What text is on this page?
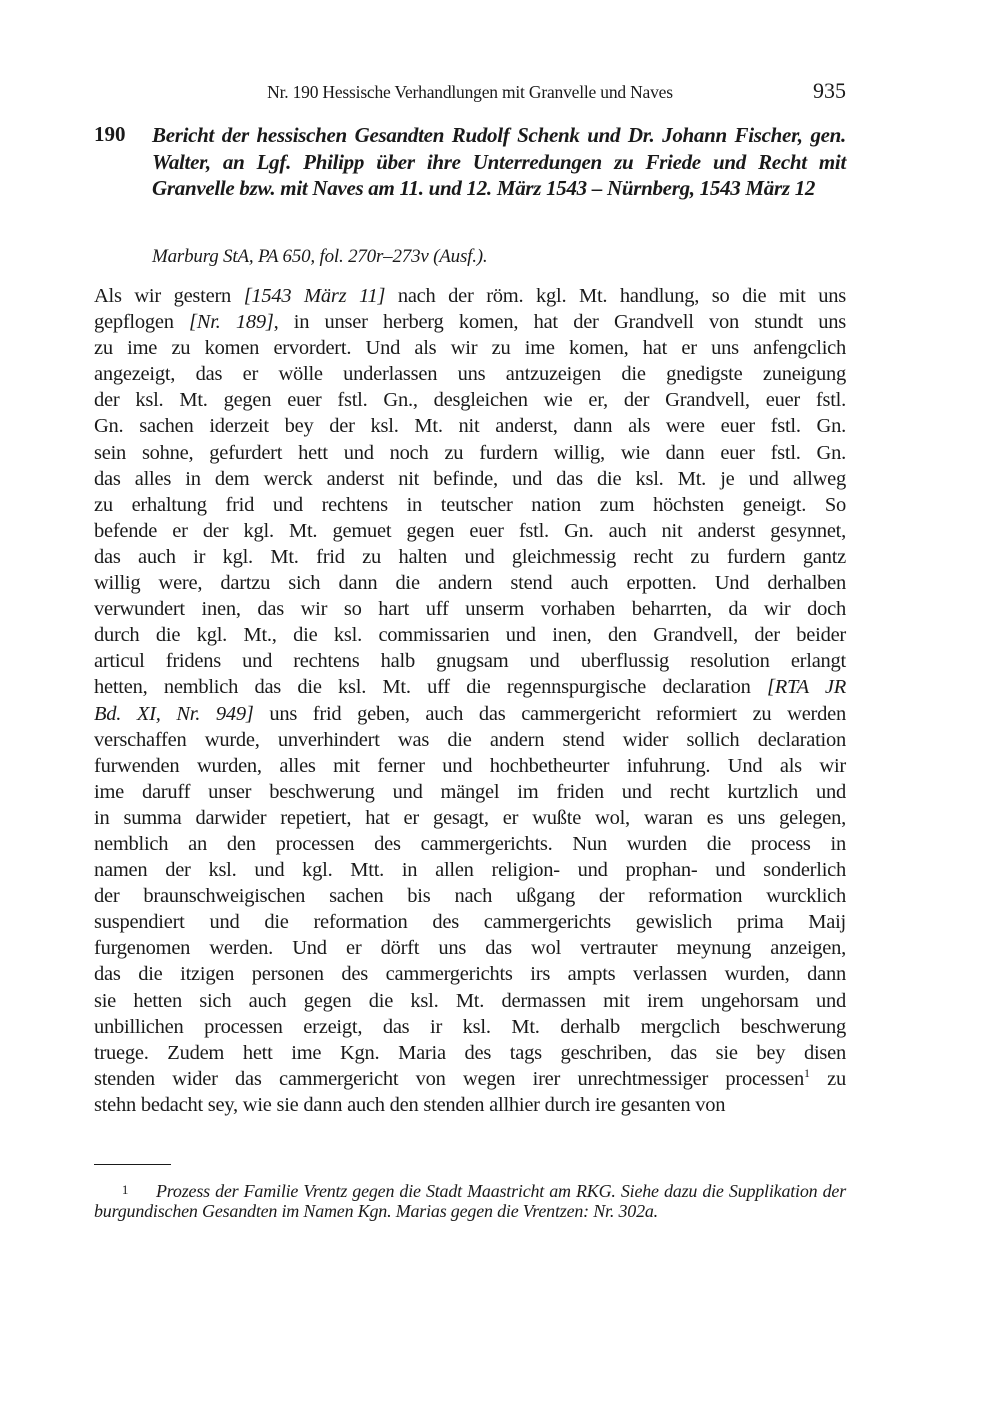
Nr. 190 Hessische Verhandlungen mit Granvelle und Naves	935
190 Bericht der hessischen Gesandten Rudolf Schenk und Dr. Johann Fischer, gen. Walter, an Lgf. Philipp über ihre Unterredungen zu Friede und Recht mit Granvelle bzw. mit Naves am 11. und 12. März 1543 – Nürnberg, 1543 März 12
Marburg StA, PA 650, fol. 270r–273v (Ausf.).
Als wir gestern [1543 März 11] nach der röm. kgl. Mt. handlung, so die mit uns
gepflogen [Nr. 189], in unser herberg komen, hat der Grandvell von stundt uns
zu ime zu komen ervordert. Und als wir zu ime komen, hat er uns anfengclich
angezeigt, das er wölle underlassen uns antzuzeigen die gnedigste zuneigung
der ksl. Mt. gegen euer fstl. Gn., desgleichen wie er, der Grandvell, euer fstl.
Gn. sachen iderzeit bey der ksl. Mt. nit anderst, dann als were euer fstl. Gn.
sein sohne, gefurdert hett und noch zu furdern willig, wie dann euer fstl. Gn.
das alles in dem werck anderst nit befinde, und das die ksl. Mt. je und allweg
zu erhaltung frid und rechtens in teutscher nation zum höchsten geneigt. So
befende er der kgl. Mt. gemuet gegen euer fstl. Gn. auch nit anderst gesynnet,
das auch ir kgl. Mt. frid zu halten und gleichmessig recht zu furdern gantz
willig were, dartzu sich dann die andern stend auch erpotten. Und derhalben
verwundert inen, das wir so hart uff unserm vorhaben beharrten, da wir doch
durch die kgl. Mt., die ksl. commissarien und inen, den Grandvell, der beider
articul fridens und rechtens halb gnugsam und uberflussig resolution erlangt
hetten, nemblich das die ksl. Mt. uff die regennspurgische declaration [RTA JR
Bd. XI, Nr. 949] uns frid geben, auch das cammergericht reformiert zu werden
verschaffen wurde, unverhindert was die andern stend wider sollich declaration
furwenden wurden, alles mit ferner und hochbetheurter infuhrung. Und als wir
ime daruff unser beschwerung und mängel im friden und recht kurtzlich und
in summa darwider repetiert, hat er gesagt, er wußte wol, waran es uns gelegen,
nemblich an den processen des cammergerichts. Nun wurden die process in
namen der ksl. und kgl. Mtt. in allen religion- und prophan- und sonderlich
der braunschweigischen sachen bis nach ußgang der reformation wurcklich
suspendiert und die reformation des cammergerichts gewislich prima Maij
furgenomen werden. Und er dörft uns das wol vertrauter meynung anzeigen,
das die itzigen personen des cammergerichts irs ampts verlassen wurden, dann
sie hetten sich auch gegen die ksl. Mt. dermassen mit irem ungehorsam und
unbillichen processen erzeigt, das ir ksl. Mt. derhalb mergclich beschwerung
truege. Zudem hett ime Kgn. Maria des tags geschriben, das sie bey disen
stenden wider das cammergericht von wegen irer unrechtmessiger processen$^1$ zu
stehn bedacht sey, wie sie dann auch den stenden allhier durch ire gesanten von
1 Prozess der Familie Vrentz gegen die Stadt Maastricht am RKG. Siehe dazu die Supplikation der burgundischen Gesandten im Namen Kgn. Marias gegen die Vrentzen: Nr. 302a.
